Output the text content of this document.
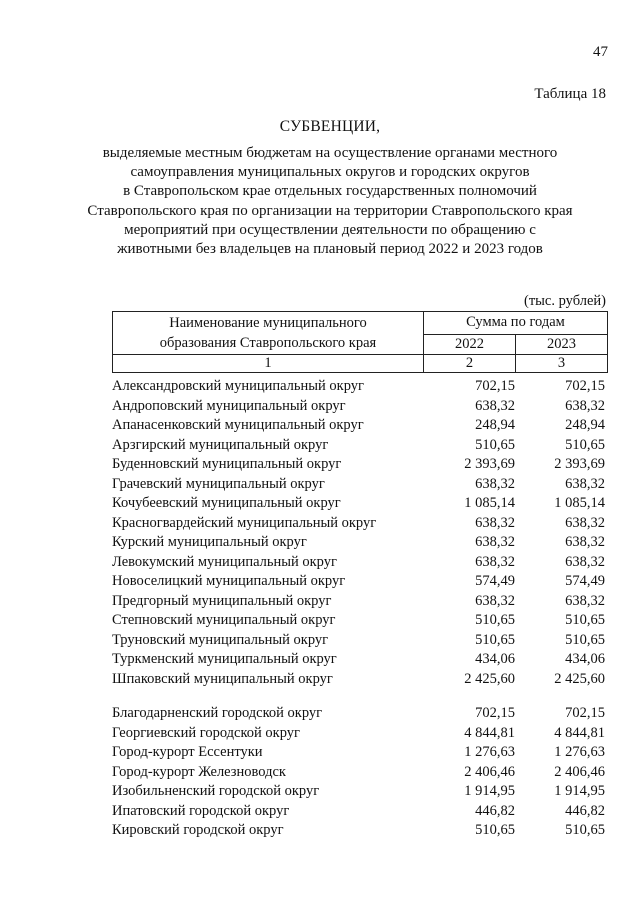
47
Таблица 18
СУБВЕНЦИИ,
выделяемые местным бюджетам на осуществление органами местного
самоуправления муниципальных округов и городских округов
в Ставропольском крае отдельных государственных полномочий
Ставропольского края по организации на территории Ставропольского края
мероприятий при осуществлении деятельности по обращению с
животными без владельцев на плановый период 2022 и 2023 годов
(тыс. рублей)
Наименование муниципального
образования Ставропольского края	Сумма по годам	
	2022	2023
1	2	3
Александровский муниципальный округ	702,15	702,15
Андроповский муниципальный округ	638,32	638,32
Апанасенковский муниципальный округ	248,94	248,94
Арзгирский муниципальный округ	510,65	510,65
Буденновский муниципальный округ	2 393,69	2 393,69
Грачевский муниципальный округ	638,32	638,32
Кочубеевский муниципальный округ	1 085,14	1 085,14
Красногвардейский муниципальный округ	638,32	638,32
Курский муниципальный округ	638,32	638,32
Левокумский муниципальный округ	638,32	638,32
Новоселицкий муниципальный округ	574,49	574,49
Предгорный муниципальный округ	638,32	638,32
Степновский муниципальный округ	510,65	510,65
Труновский муниципальный округ	510,65	510,65
Туркменский муниципальный округ	434,06	434,06
Шпаковский муниципальный округ	2 425,60	2 425,60
Благодарненский городской округ	702,15	702,15
Георгиевский городской округ	4 844,81	4 844,81
Город-курорт Ессентуки	1 276,63	1 276,63
Город-курорт Железноводск	2 406,46	2 406,46
Изобильненский городской округ	1 914,95	1 914,95
Ипатовский городской округ	446,82	446,82
Кировский городской округ	510,65	510,65
